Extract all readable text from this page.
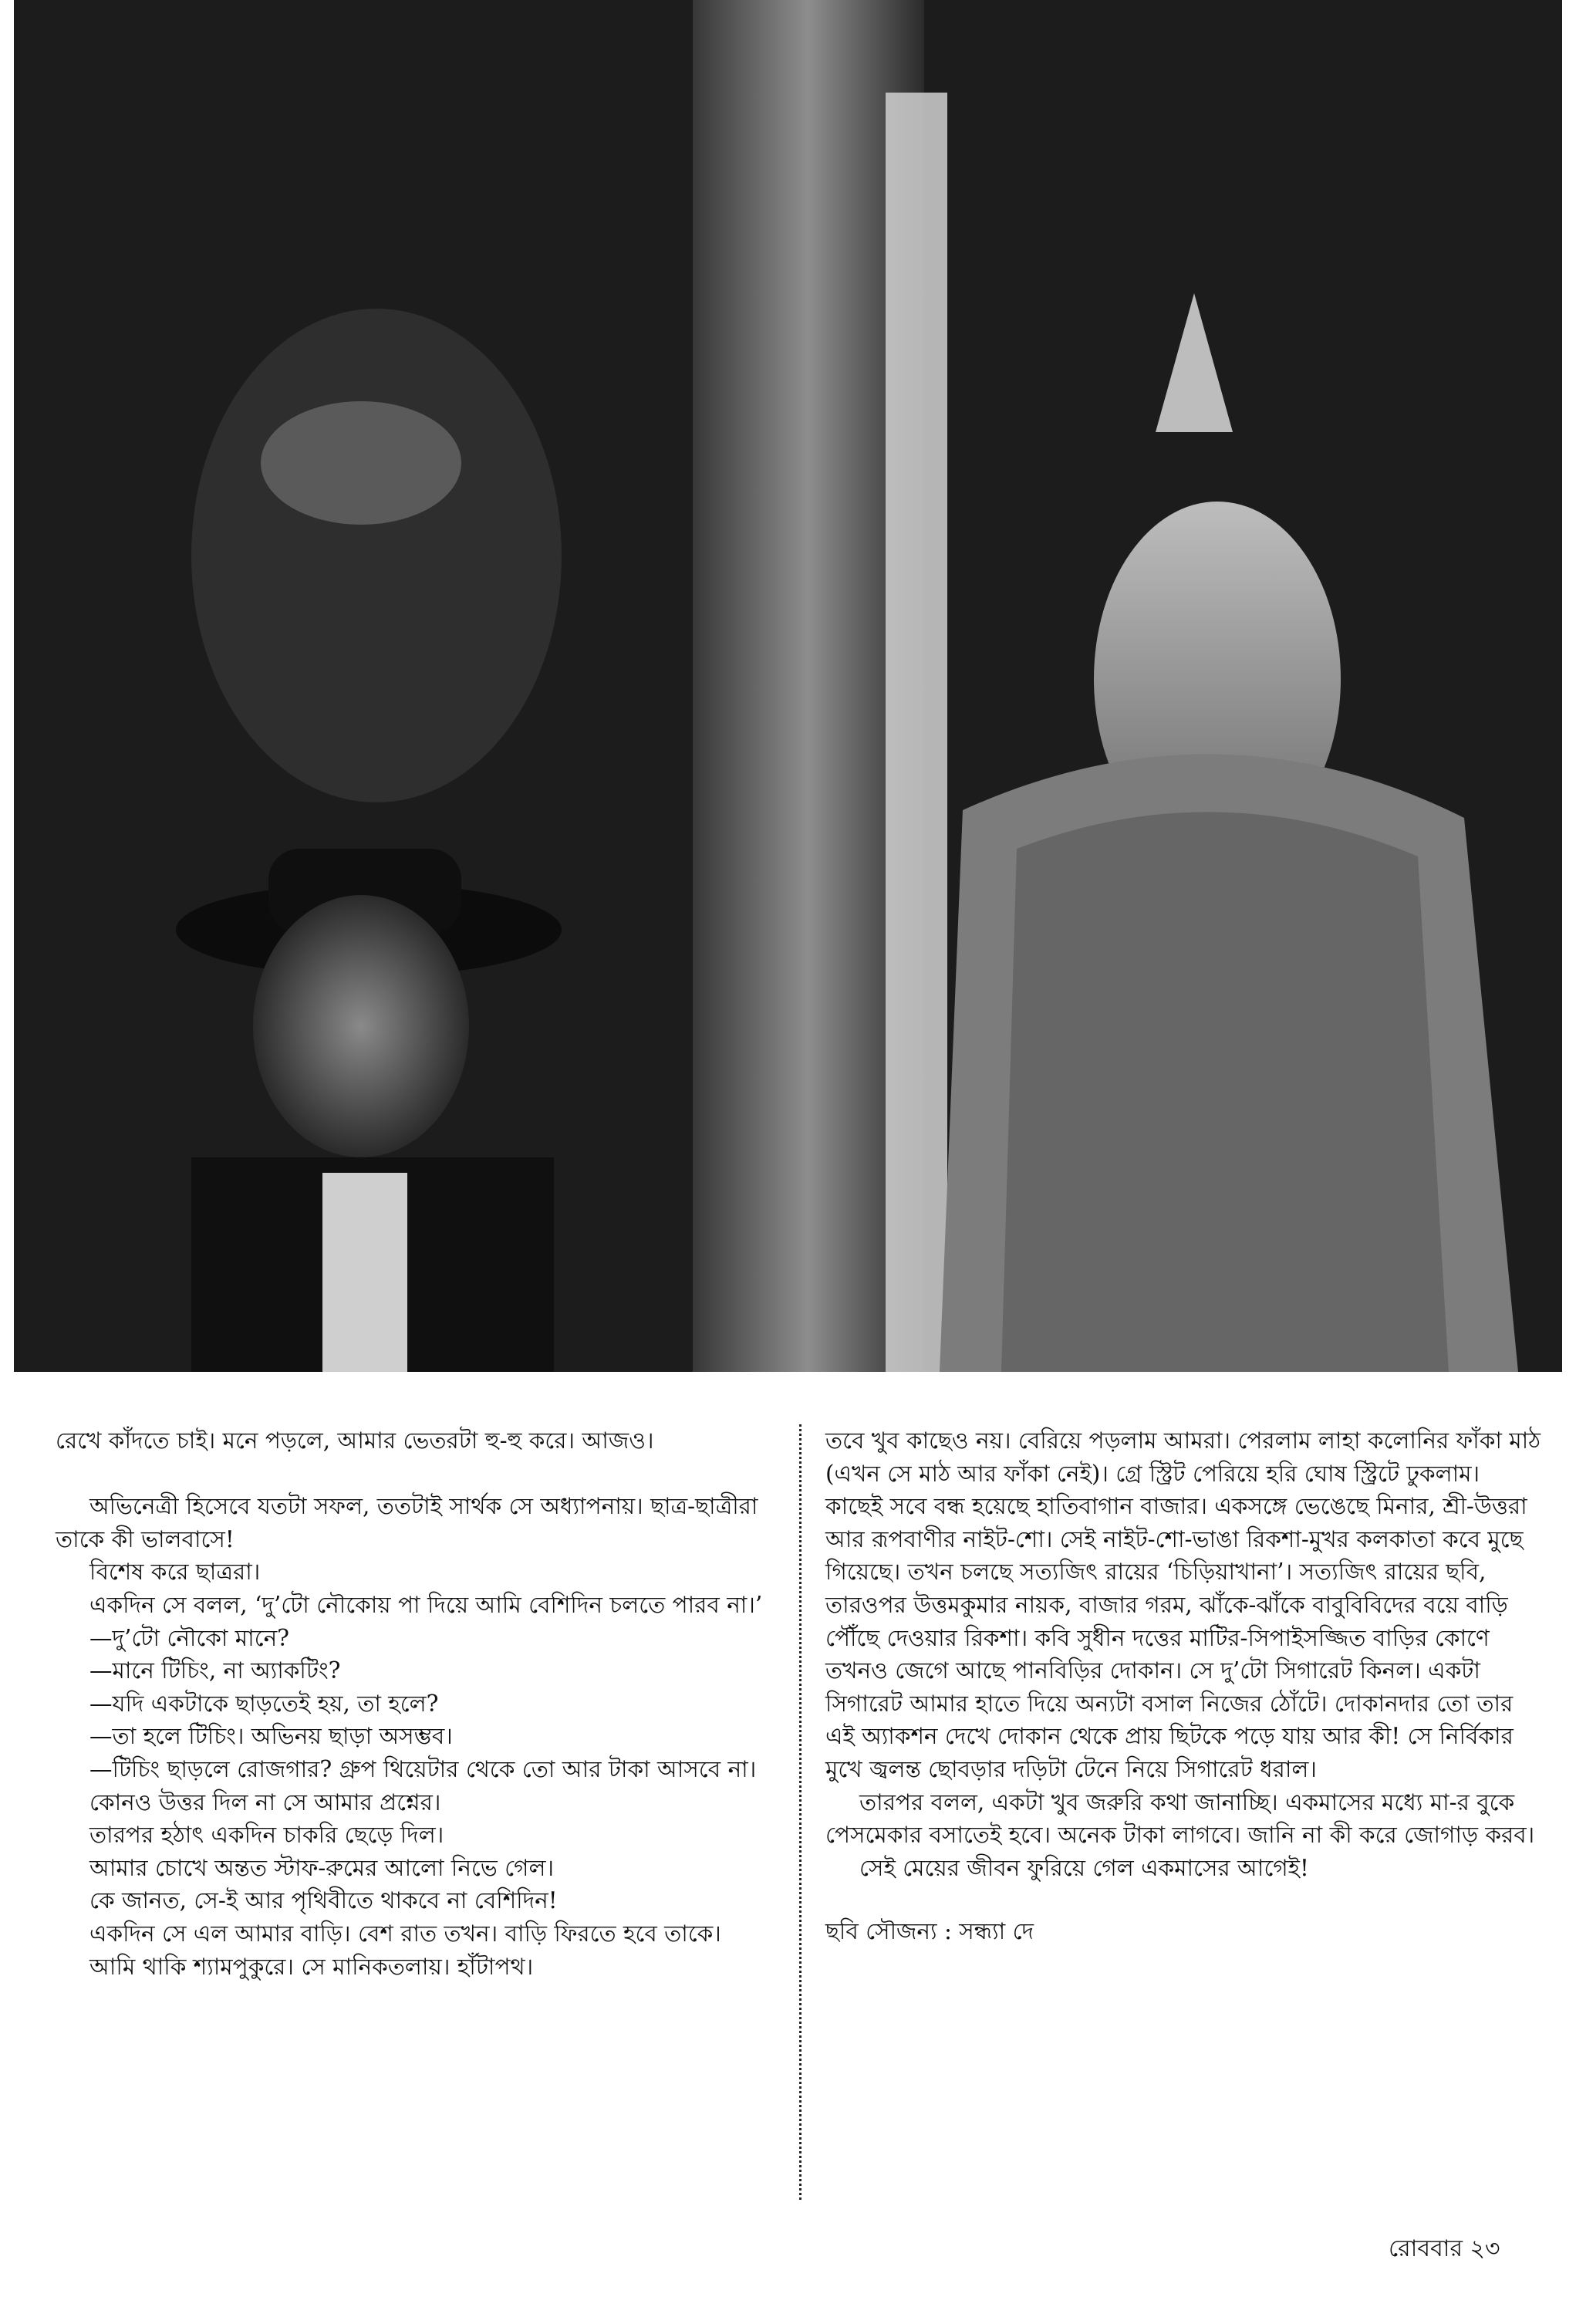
রেখে কাঁদতে চাই। মনে পড়লে, আমার ভেতরটা হু-হু করে। আজও।

অভিনেত্রী হিসেবে যতটা সফল, ততটাই সার্থক সে অধ্যাপনায়। ছাত্র-ছাত্রীরা তাকে কী ভালবাসে!

বিশেষ করে ছাত্ররা।

একদিন সে বলল, ‘দু’টো নৌকোয় পা দিয়ে আমি বেশিদিন চলতে পারব না।’

—দু’টো নৌকো মানে?

—মানে টিচিং, না অ্যাকটিং?

—যদি একটাকে ছাড়তেই হয়, তা হলে?

—তা হলে টিচিং। অভিনয় ছাড়া অসম্ভব।

—টিচিং ছাড়লে রোজগার? গ্রুপ থিয়েটার থেকে তো আর টাকা আসবে না।

কোনও উত্তর দিল না সে আমার প্রশ্নের।

তারপর হঠাৎ একদিন চাকরি ছেড়ে দিল।

আমার চোখে অন্তত স্টাফ-রুমের আলো নিভে গেল।

কে জানত, সে-ই আর পৃথিবীতে থাকবে না বেশিদিন!

একদিন সে এল আমার বাড়ি। বেশ রাত তখন। বাড়ি ফিরতে হবে তাকে।

আমি থাকি শ্যামপুকুরে। সে মানিকতলায়। হাঁটাপথ।

তবে খুব কাছেও নয়। বেরিয়ে পড়লাম আমরা। পেরলাম লাহা কলোনির ফাঁকা মাঠ (এখন সে মাঠ আর ফাঁকা নেই)। গ্রে স্ট্রিট পেরিয়ে হরি ঘোষ স্ট্রিটে ঢুকলাম। কাছেই সবে বন্ধ হয়েছে হাতিবাগান বাজার। একসঙ্গে ভেঙেছে মিনার, শ্রী-উত্তরা আর রূপবাণীর নাইট-শো। সেই নাইট-শো-ভাঙা রিকশা-মুখর কলকাতা কবে মুছে গিয়েছে। তখন চলছে সত্যজিৎ রায়ের ‘চিড়িয়াখানা’। সত্যজিৎ রায়ের ছবি, তারওপর উত্তমকুমার নায়ক, বাজার গরম, ঝাঁকে-ঝাঁকে বাবুবিবিদের বয়ে বাড়ি পৌঁছে দেওয়ার রিকশা। কবি সুধীন দত্তের মাটির-সিপাইসজ্জিত বাড়ির কোণে তখনও জেগে আছে পানবিড়ির দোকান। সে দু’টো সিগারেট কিনল। একটা সিগারেট আমার হাতে দিয়ে অন্যটা বসাল নিজের ঠোঁটে। দোকানদার তো তার এই অ্যাকশন দেখে দোকান থেকে প্রায় ছিটকে পড়ে যায় আর কী! সে নির্বিকার মুখে জ্বলন্ত ছোবড়ার দড়িটা টেনে নিয়ে সিগারেট ধরাল।

তারপর বলল, একটা খুব জরুরি কথা জানাচ্ছি। একমাসের মধ্যে মা-র বুকে পেসমেকার বসাতেই হবে। অনেক টাকা লাগবে। জানি না কী করে জোগাড় করব।

সেই মেয়ের জীবন ফুরিয়ে গেল একমাসের আগেই!

ছবি সৌজন্য : সন্ধ্যা দে

রোববার ২৩
